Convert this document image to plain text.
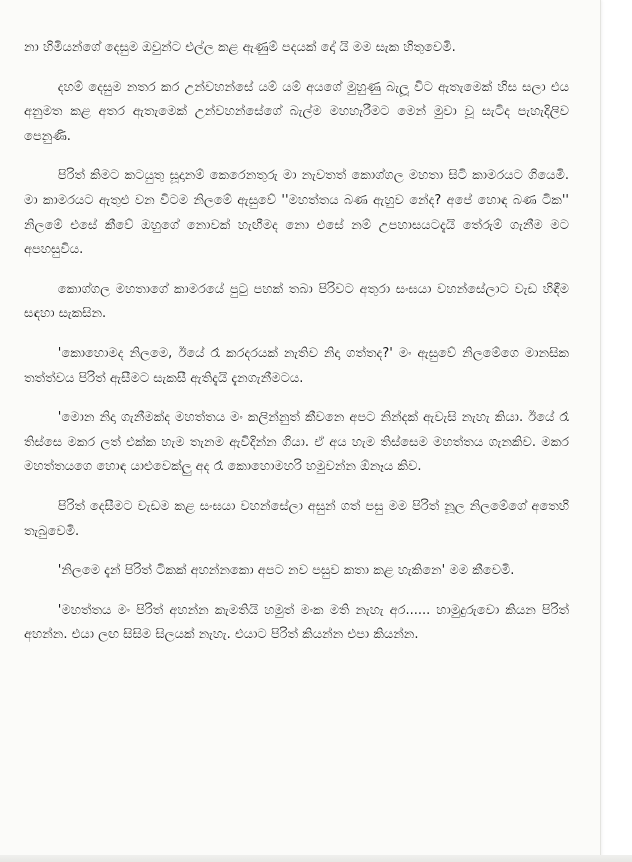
නා හිමියන්ගේ දෙසුම ඔවුන්ට එල්ල කළ ඇණුම් පදයක් දෝ යි මම සැක හිතුවෙමි.

දහම් දෙසුම නතර කර උන්වහන්සේ යම් යම් අයගේ මුහුණු බැලූ විට ඇතැමෙක් හිස සලා එය අනුමත කළ අතර ඇතැමෙක් උන්වහන්සේගේ බැල්ම මහහැරීමට මෙන් මුවා වූ සැටිද පැහැදිලිව පෙනුණි.

පිරිත් කිමට කටයුතු සූදානම් කෙරෙනතුරු මා නැවතත් කොග්ගල මහතා සිටි කාමරයට ගියෙමි. මා කාමරයට ඇතුළු වන විටම නිලමේ ඇසුවේ ''මහත්තය බණ ඇහුව නේද? අපේ හොඳ බණ ටික'' නිලමේ එසේ කීවේ ඔහුගේ නොවක් හැඟීමද නො එසේ නම් උපහාසයටදැයි තේරුම් ගැනීම මට අපහසුවිය.

කොග්ගල මහතාගේ කාමරයේ පුටු පහක් තබා පිරිවට අතුරා සංඝයා වහන්සේලාට වැඩ හිඳීම සඳහා සැකසින.

'කොහොමද නිලමෙ, ඊයේ රෑ කරදරයක් නැතිව නිදා ගත්තද?' මං ඇසුවේ නිලමේගෙ මානසික තත්ත්වය පිරිත් ඇසීමට සැකසී ඇතිදැයි දැනගැනීමටය.

'මොන නිදා ගැනීමක්ද මහත්තය මං කලින්නුත් කීවනෙ අපට නින්දක් ඇවැසි නැහැ කියා. ඊයේ රෑ තිස්සෙ මකර ලත් එක්ක හැම තැනම ඇවිදින්න ගියා. ඒ අය හැම තිස්සෙම මහත්තය ගැනකිව. මකර මහත්තයගෙ හොඳ යාළුවෙක්ලු අද රෑ කොහොමහරි හමුවන්න ඕනෑය කිව.

පිරිත් දෙසීමට වැඩම කළ සංඝයා වහන්සේලා අසුන් ගත් පසු මම පිරිත් නූල නිලමේගේ අතෙහි තැබුවෙමි.

'නිලමෙ දැන් පිරිත් ටිකක් අහන්නකො අපට නව පසුව කතා කළ හැකිනෙ' මම කීවෙමි.

'මහත්තය මං පිරිත් අහන්න කැමතියි හමුත් මංක මති නැහැ අර...... හාමුදුරුවො කියන පිරිත් අහන්න. එයා ලඟ සිසිම සිලයක් නැහැ. එයාට පිරිත් කියන්න එපා කියන්න.
